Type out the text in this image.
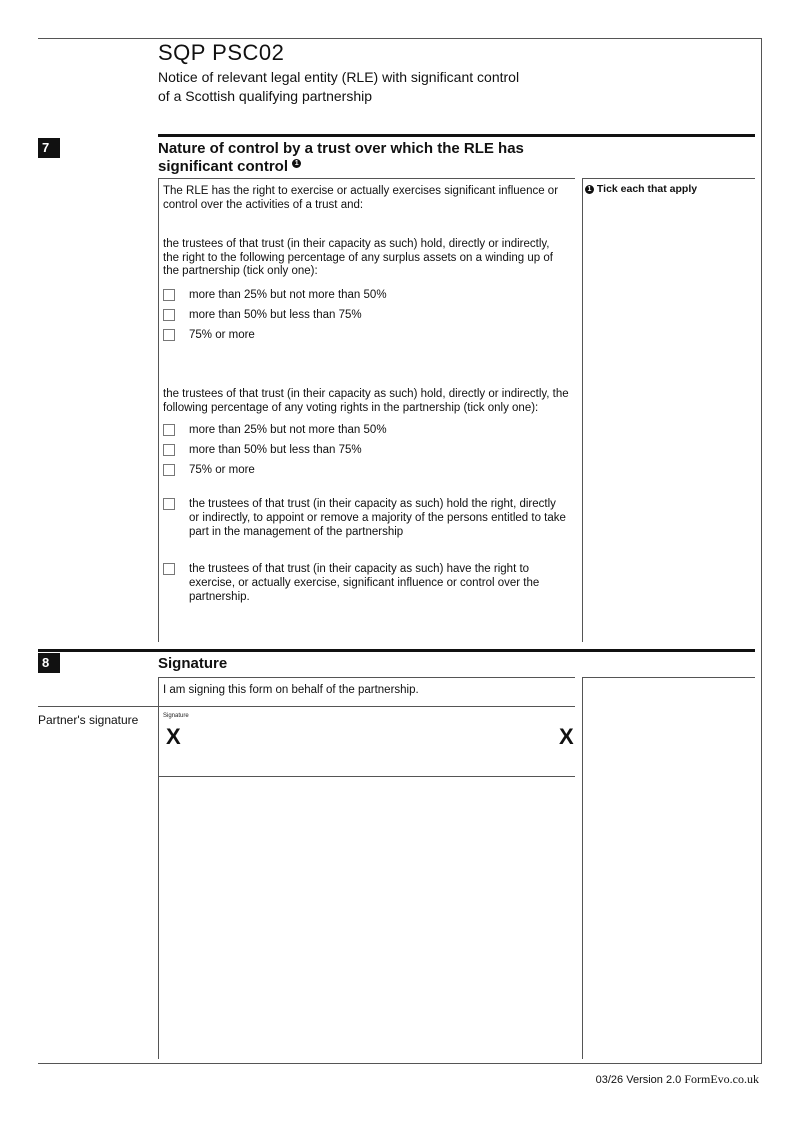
SQP PSC02
Notice of relevant legal entity (RLE) with significant control
of a Scottish qualifying partnership
7	Nature of control by a trust over which the RLE has
significant control 1
1 Tick each that apply
The RLE has the right to exercise or actually exercises significant influence or control over the activities of a trust and:
the trustees of that trust (in their capacity as such) hold, directly or indirectly, the right to the following percentage of any surplus assets on a winding up of the partnership (tick only one):
more than 25% but not more than 50%
more than 50% but less than 75%
75% or more
the trustees of that trust (in their capacity as such) hold, directly or indirectly, the following percentage of any voting rights in the partnership (tick only one):
more than 25% but not more than 50%
more than 50% but less than 75%
75% or more
the trustees of that trust (in their capacity as such) hold the right, directly or indirectly, to appoint or remove a majority of the persons entitled to take part in the management of the partnership
the trustees of that trust (in their capacity as such) have the right to exercise, or actually exercise, significant influence or control over the partnership.
8	Signature
I am signing this form on behalf of the partnership.
Partner's signature	Signature
X	X
03/26 Version 2.0 FormEvo.co.uk
